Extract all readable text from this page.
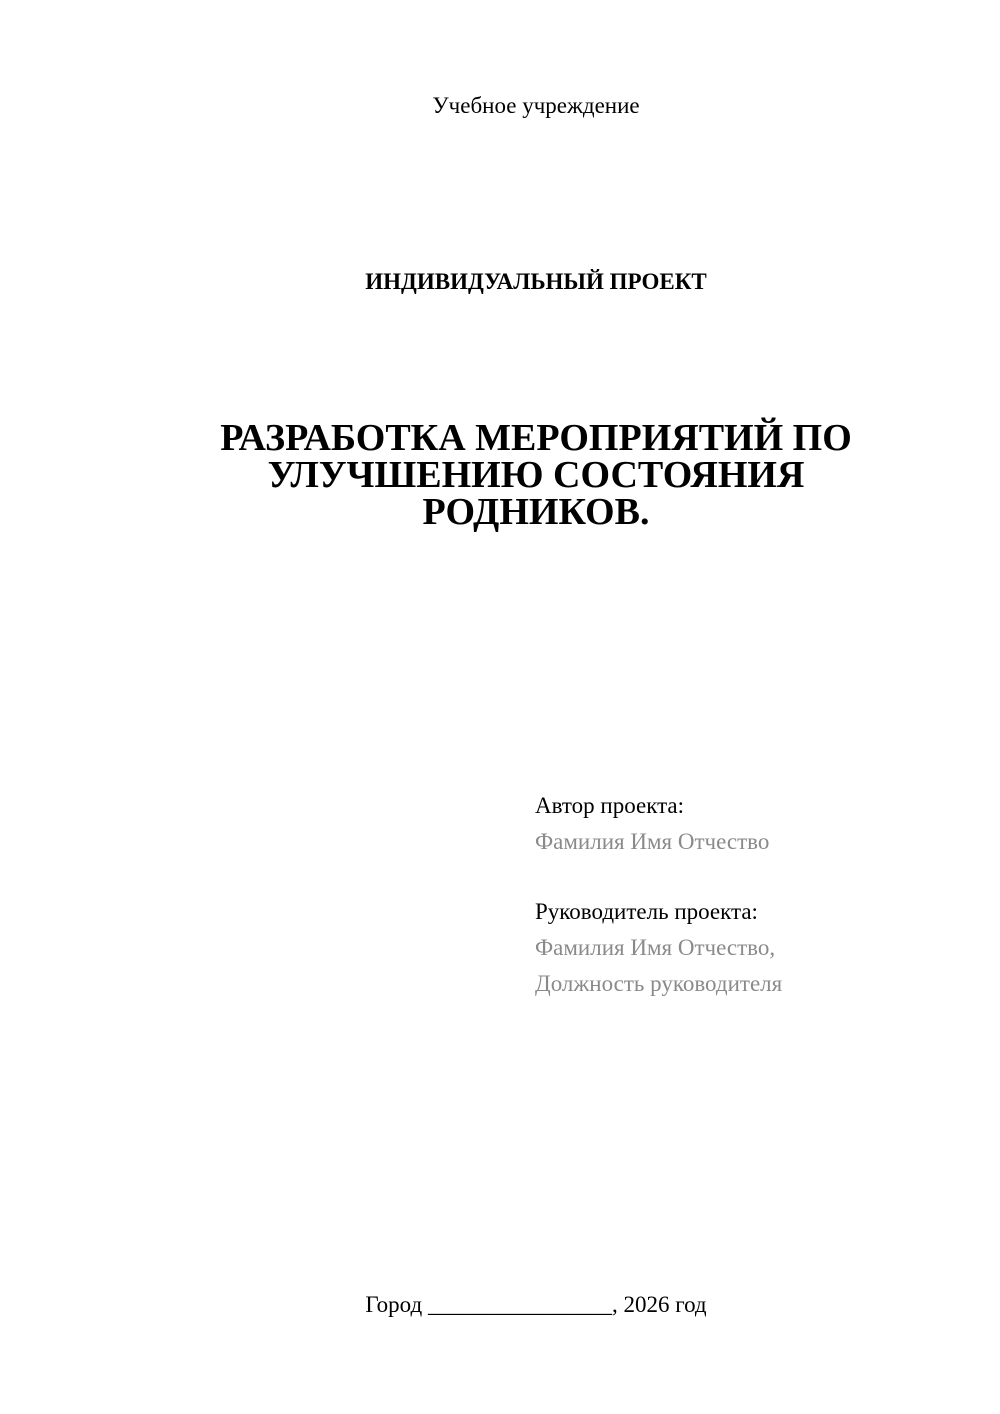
Учебное учреждение
ИНДИВИДУАЛЬНЫЙ ПРОЕКТ
РАЗРАБОТКА МЕРОПРИЯТИЙ ПО
УЛУЧШЕНИЮ СОСТОЯНИЯ
РОДНИКОВ.
Автор проекта:
Фамилия Имя Отчество
Руководитель проекта:
Фамилия Имя Отчество,
Должность руководителя
Город ________________, 2026 год
